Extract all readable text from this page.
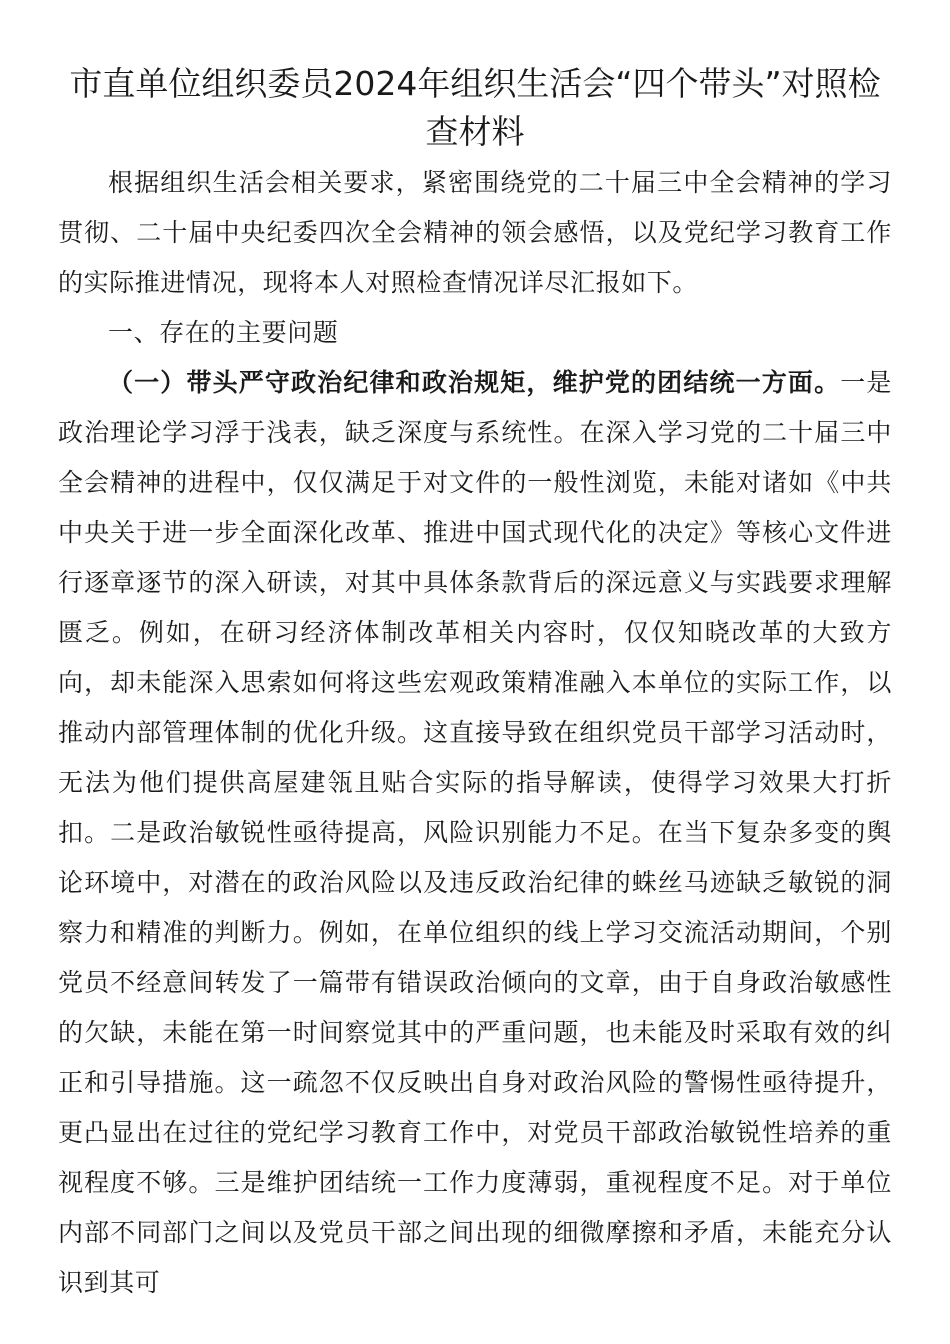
市直单位组织委员2024年组织生活会“四个带头”对照检查材料

根据组织生活会相关要求，紧密围绕党的二十届三中全会精神的学习贯彻、二十届中央纪委四次全会精神的领会感悟，以及党纪学习教育工作的实际推进情况，现将本人对照检查情况详尽汇报如下。

一、存在的主要问题

（一）带头严守政治纪律和政治规矩，维护党的团结统一方面。一是政治理论学习浮于浅表，缺乏深度与系统性。在深入学习党的二十届三中全会精神的进程中，仅仅满足于对文件的一般性浏览，未能对诸如《中共中央关于进一步全面深化改革、推进中国式现代化的决定》等核心文件进行逐章逐节的深入研读，对其中具体条款背后的深远意义与实践要求理解匮乏。例如，在研习经济体制改革相关内容时，仅仅知晓改革的大致方向，却未能深入思索如何将这些宏观政策精准融入本单位的实际工作，以推动内部管理体制的优化升级。这直接导致在组织党员干部学习活动时，无法为他们提供高屋建瓴且贴合实际的指导解读，使得学习效果大打折扣。二是政治敏锐性亟待提高，风险识别能力不足。在当下复杂多变的舆论环境中，对潜在的政治风险以及违反政治纪律的蛛丝马迹缺乏敏锐的洞察力和精准的判断力。例如，在单位组织的线上学习交流活动期间，个别党员不经意间转发了一篇带有错误政治倾向的文章，由于自身政治敏感性的欠缺，未能在第一时间察觉其中的严重问题，也未能及时采取有效的纠正和引导措施。这一疏忽不仅反映出自身对政治风险的警惕性亟待提升，更凸显出在过往的党纪学习教育工作中，对党员干部政治敏锐性培养的重视程度不够。三是维护团结统一工作力度薄弱，重视程度不足。对于单位内部不同部门之间以及党员干部之间出现的细微摩擦和矛盾，未能充分认识到其可
